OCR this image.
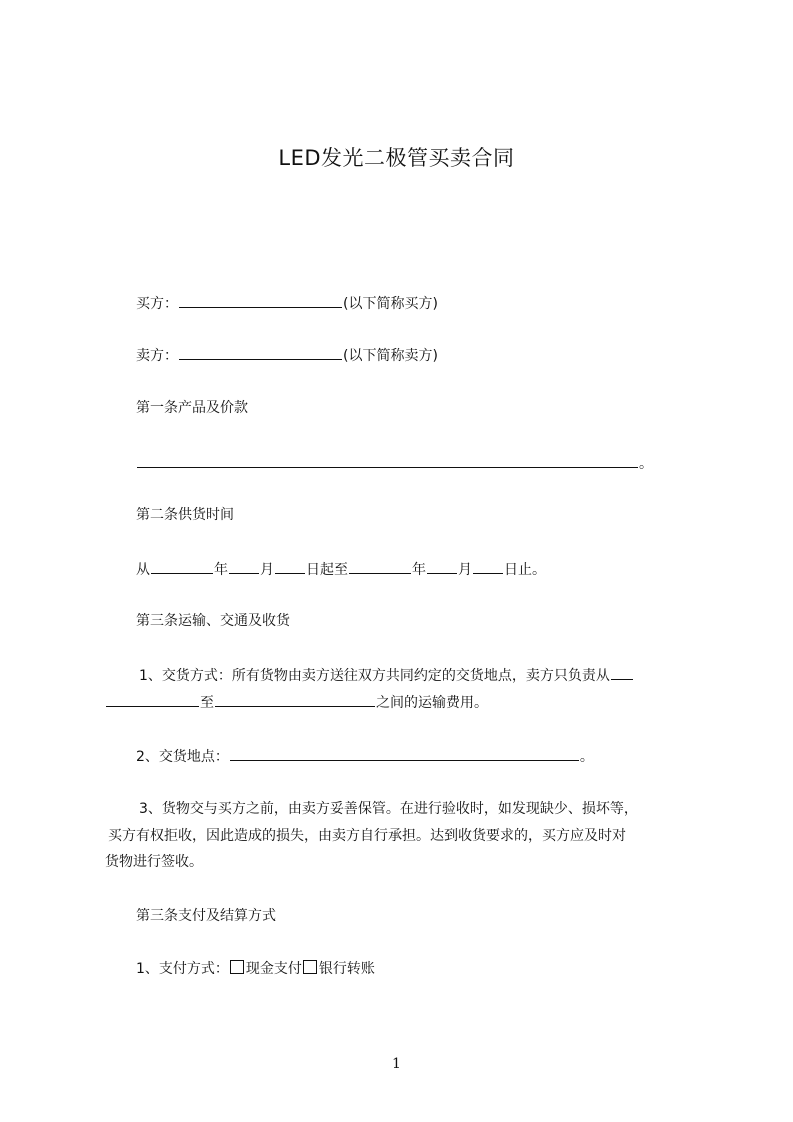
LED发光二极管买卖合同
买方：	(以下简称买方)
卖方：	(以下简称卖方)
第一条产品及价款
。
第二条供货时间
从	年 月 日起至	年 月 日止。
第三条运输、交通及收货
1、交货方式：所有货物由卖方送往双方共同约定的交货地点，卖方只负责从
至	之间的运输费用。
2、交货地点：	。
3、货物交与买方之前，由卖方妥善保管。在进行验收时，如发现缺少、损坏等，
买方有权拒收，因此造成的损失，由卖方自行承担。达到收货要求的，买方应及时对
货物进行签收。
第三条支付及结算方式
1、支付方式： 现金支付 银行转账
1
